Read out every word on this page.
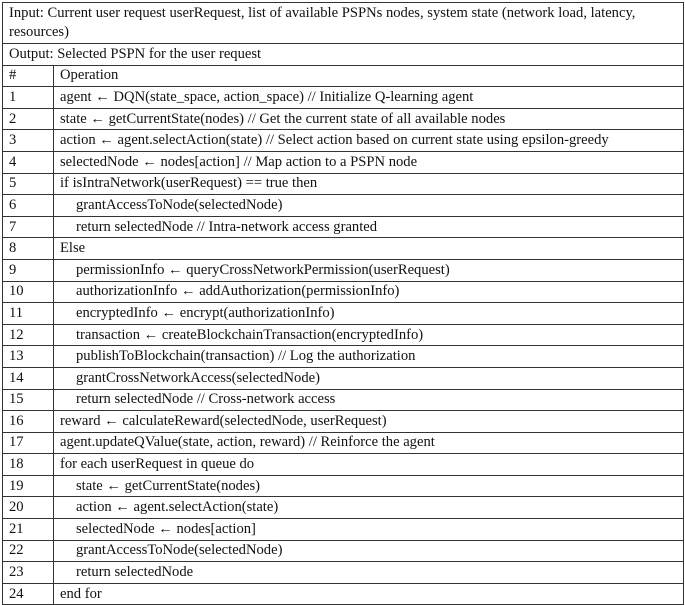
Input: Current user request userRequest, list of available PSPNs nodes, system state (network load, latency, resources)	
Output: Selected PSPN for the user request	
#	Operation
1	agent ← DQN(state_space, action_space) // Initialize Q-learning agent
2	state ← getCurrentState(nodes) // Get the current state of all available nodes
3	action ← agent.selectAction(state) // Select action based on current state using epsilon-greedy
4	selectedNode ← nodes[action] // Map action to a PSPN node
5	if isIntraNetwork(userRequest) == true then
6	grantAccessToNode(selectedNode)
7	return selectedNode // Intra-network access granted
8	Else
9	permissionInfo ← queryCrossNetworkPermission(userRequest)
10	authorizationInfo ← addAuthorization(permissionInfo)
11	encryptedInfo ← encrypt(authorizationInfo)
12	transaction ← createBlockchainTransaction(encryptedInfo)
13	publishToBlockchain(transaction) // Log the authorization
14	grantCrossNetworkAccess(selectedNode)
15	return selectedNode // Cross-network access
16	reward ← calculateReward(selectedNode, userRequest)
17	agent.updateQValue(state, action, reward) // Reinforce the agent
18	for each userRequest in queue do
19	state ← getCurrentState(nodes)
20	action ← agent.selectAction(state)
21	selectedNode ← nodes[action]
22	grantAccessToNode(selectedNode)
23	return selectedNode
24	end for
